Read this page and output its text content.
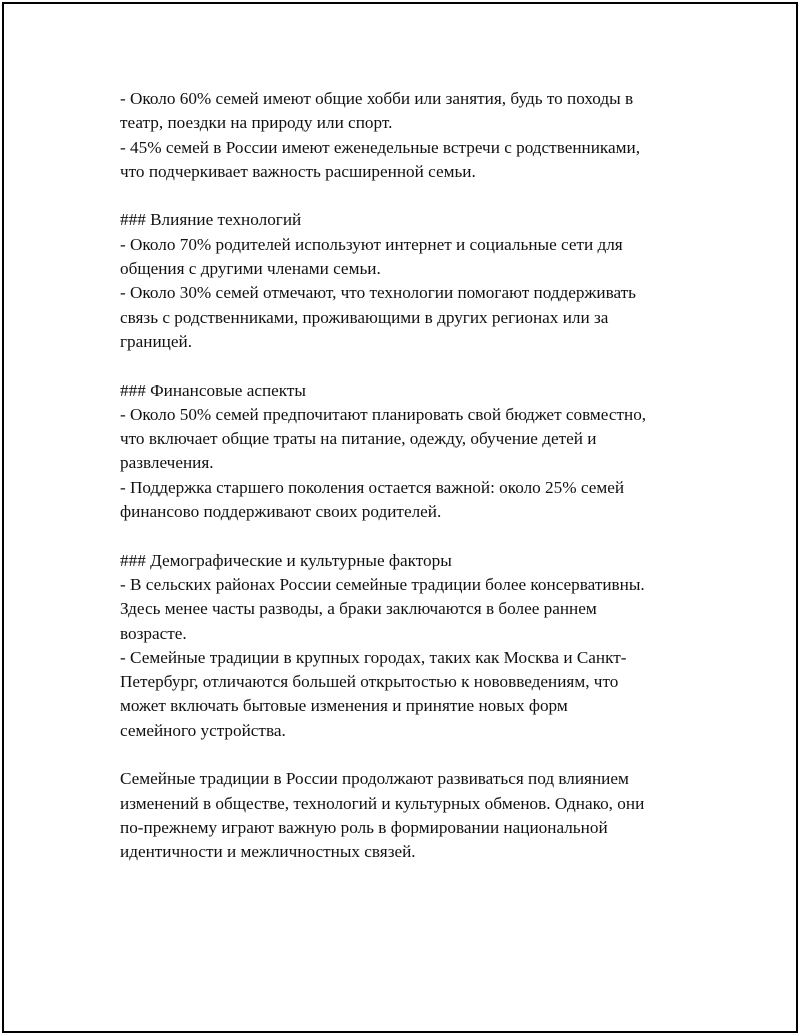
- Около 60% семей имеют общие хобби или занятия, будь то походы в
театр, поездки на природу или спорт.
- 45% семей в России имеют еженедельные встречи с родственниками,
что подчеркивает важность расширенной семьи.
### Влияние технологий
- Около 70% родителей используют интернет и социальные сети для
общения с другими членами семьи.
- Около 30% семей отмечают, что технологии помогают поддерживать
связь с родственниками, проживающими в других регионах или за
границей.
### Финансовые аспекты
- Около 50% семей предпочитают планировать свой бюджет совместно,
что включает общие траты на питание, одежду, обучение детей и
развлечения.
- Поддержка старшего поколения остается важной: около 25% семей
финансово поддерживают своих родителей.
### Демографические и культурные факторы
- В сельских районах России семейные традиции более консервативны.
Здесь менее часты разводы, а браки заключаются в более раннем
возрасте.
- Семейные традиции в крупных городах, таких как Москва и Санкт-
Петербург, отличаются большей открытостью к нововведениям, что
может включать бытовые изменения и принятие новых форм
семейного устройства.
Семейные традиции в России продолжают развиваться под влиянием
изменений в обществе, технологий и культурных обменов. Однако, они
по-прежнему играют важную роль в формировании национальной
идентичности и межличностных связей.
